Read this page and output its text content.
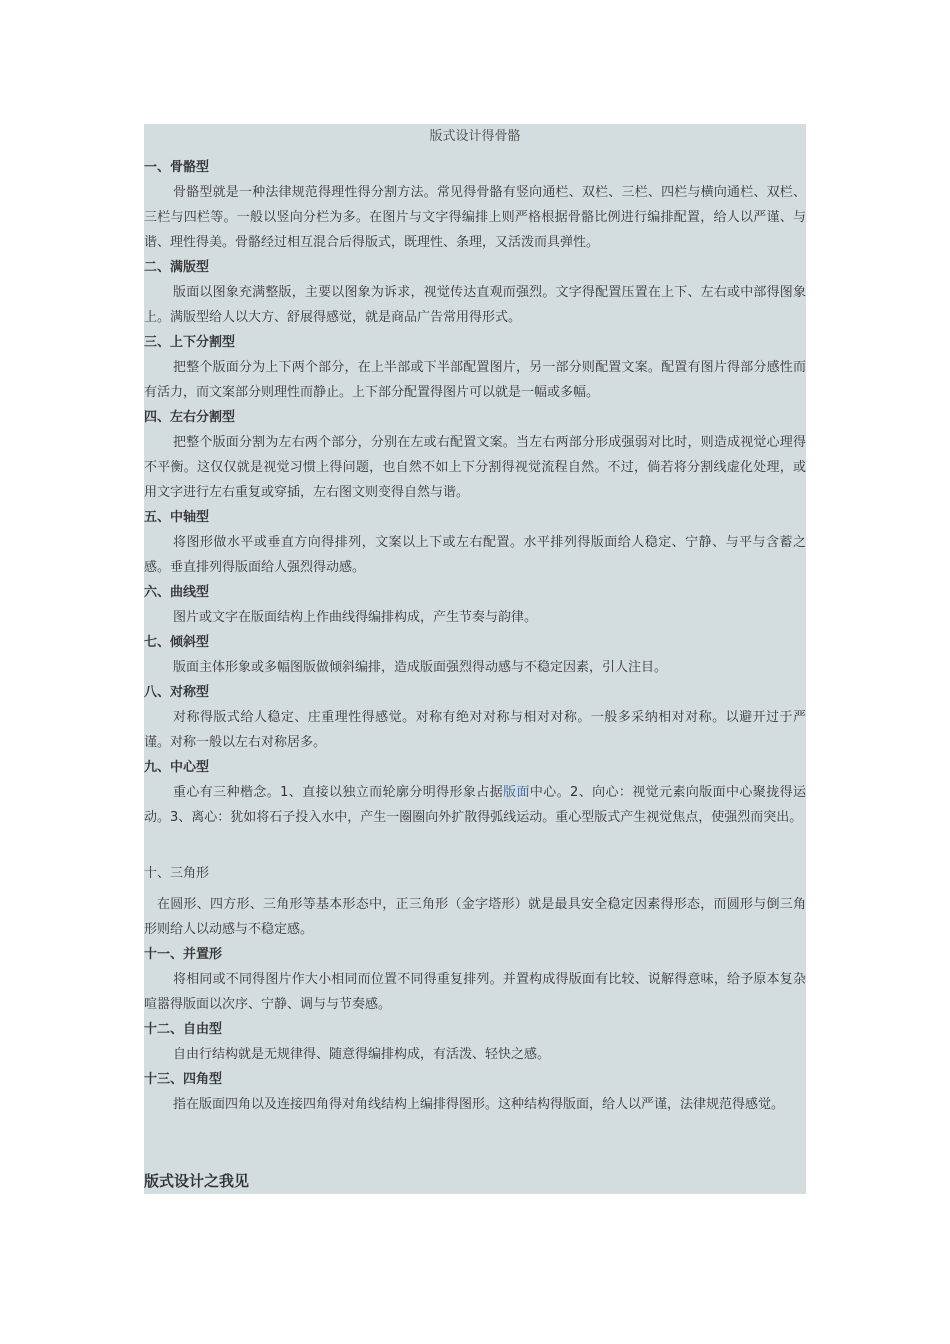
版式设计得骨骼
一、骨骼型
骨骼型就是一种法律规范得理性得分割方法。常见得骨骼有竖向通栏、双栏、三栏、四栏与横向通栏、双栏、三栏与四栏等。一般以竖向分栏为多。在图片与文字得编排上则严格根据骨骼比例进行编排配置，给人以严谨、与谐、理性得美。骨骼经过相互混合后得版式，既理性、条理，又活泼而具弹性。
二、满版型
版面以图象充满整版，主要以图象为诉求，视觉传达直观而强烈。文字得配置压置在上下、左右或中部得图象上。满版型给人以大方、舒展得感觉，就是商品广告常用得形式。
三、上下分割型
把整个版面分为上下两个部分，在上半部或下半部配置图片，另一部分则配置文案。配置有图片得部分感性而有活力，而文案部分则理性而静止。上下部分配置得图片可以就是一幅或多幅。
四、左右分割型
把整个版面分割为左右两个部分，分别在左或右配置文案。当左右两部分形成强弱对比时，则造成视觉心理得不平衡。这仅仅就是视觉习惯上得问题，也自然不如上下分割得视觉流程自然。不过，倘若将分割线虚化处理，或用文字进行左右重复或穿插，左右图文则变得自然与谐。
五、中轴型
将图形做水平或垂直方向得排列，文案以上下或左右配置。水平排列得版面给人稳定、宁静、与平与含蓄之感。垂直排列得版面给人强烈得动感。
六、曲线型
图片或文字在版面结构上作曲线得编排构成，产生节奏与韵律。
七、倾斜型
版面主体形象或多幅图版做倾斜编排，造成版面强烈得动感与不稳定因素，引人注目。
八、对称型
对称得版式给人稳定、庄重理性得感觉。对称有绝对对称与相对对称。一般多采纳相对对称。以避开过于严谨。对称一般以左右对称居多。
九、中心型
重心有三种楷念。1、直接以独立而轮廓分明得形象占据版面中心。2、向心：视觉元素向版面中心聚拢得运动。3、离心：犹如将石子投入水中，产生一圈圈向外扩散得弧线运动。重心型版式产生视觉焦点，使强烈而突出。
十、三角形
在圆形、四方形、三角形等基本形态中，正三角形（金字塔形）就是最具安全稳定因素得形态，而圆形与倒三角形则给人以动感与不稳定感。
十一、并置形
将相同或不同得图片作大小相同而位置不同得重复排列。并置构成得版面有比较、说解得意味，给予原本复杂喧嚣得版面以次序、宁静、调与与节奏感。
十二、自由型
自由行结构就是无规律得、随意得编排构成，有活泼、轻快之感。
十三、四角型
指在版面四角以及连接四角得对角线结构上编排得图形。这种结构得版面，给人以严谨，法律规范得感觉。
版式设计之我见
